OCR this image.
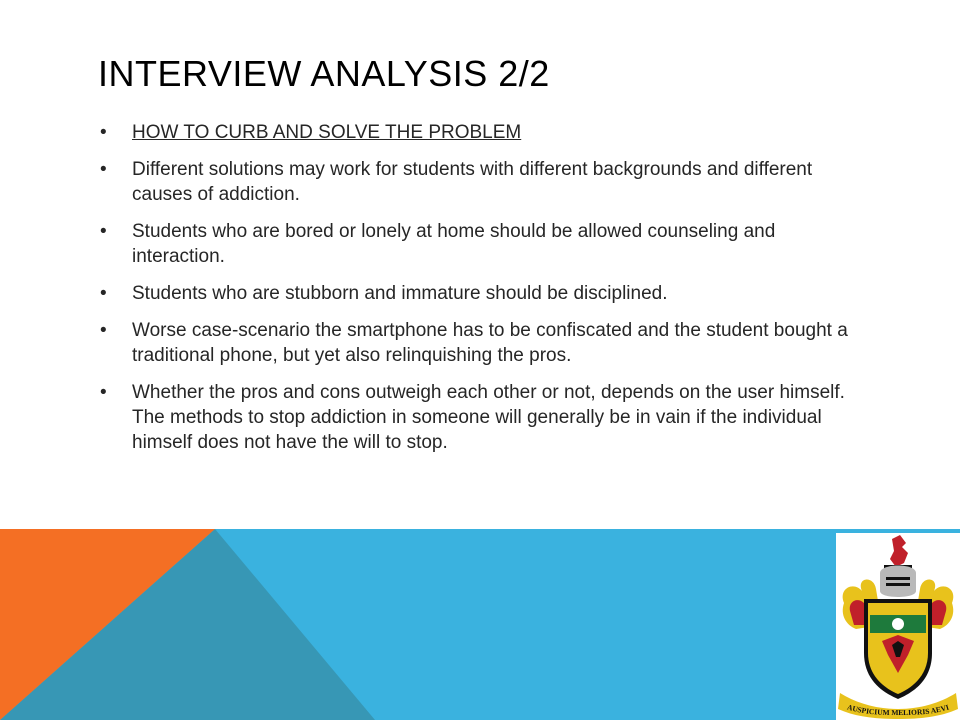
INTERVIEW ANALYSIS 2/2
• HOW TO CURB AND SOLVE THE PROBLEM
• Different solutions may work for students with different backgrounds and different causes of addiction.
• Students who are bored or lonely at home should be allowed counseling and interaction.
• Students who are stubborn and immature should be disciplined.
• Worse case-scenario the smartphone has to be confiscated and the student bought a traditional phone, but yet also relinquishing the pros.
• Whether the pros and cons outweigh each other or not, depends on the user himself. The methods to stop addiction in someone will generally be in vain if the individual himself does not have the will to stop.
AUSPICIUM MELIORIS AEVI
